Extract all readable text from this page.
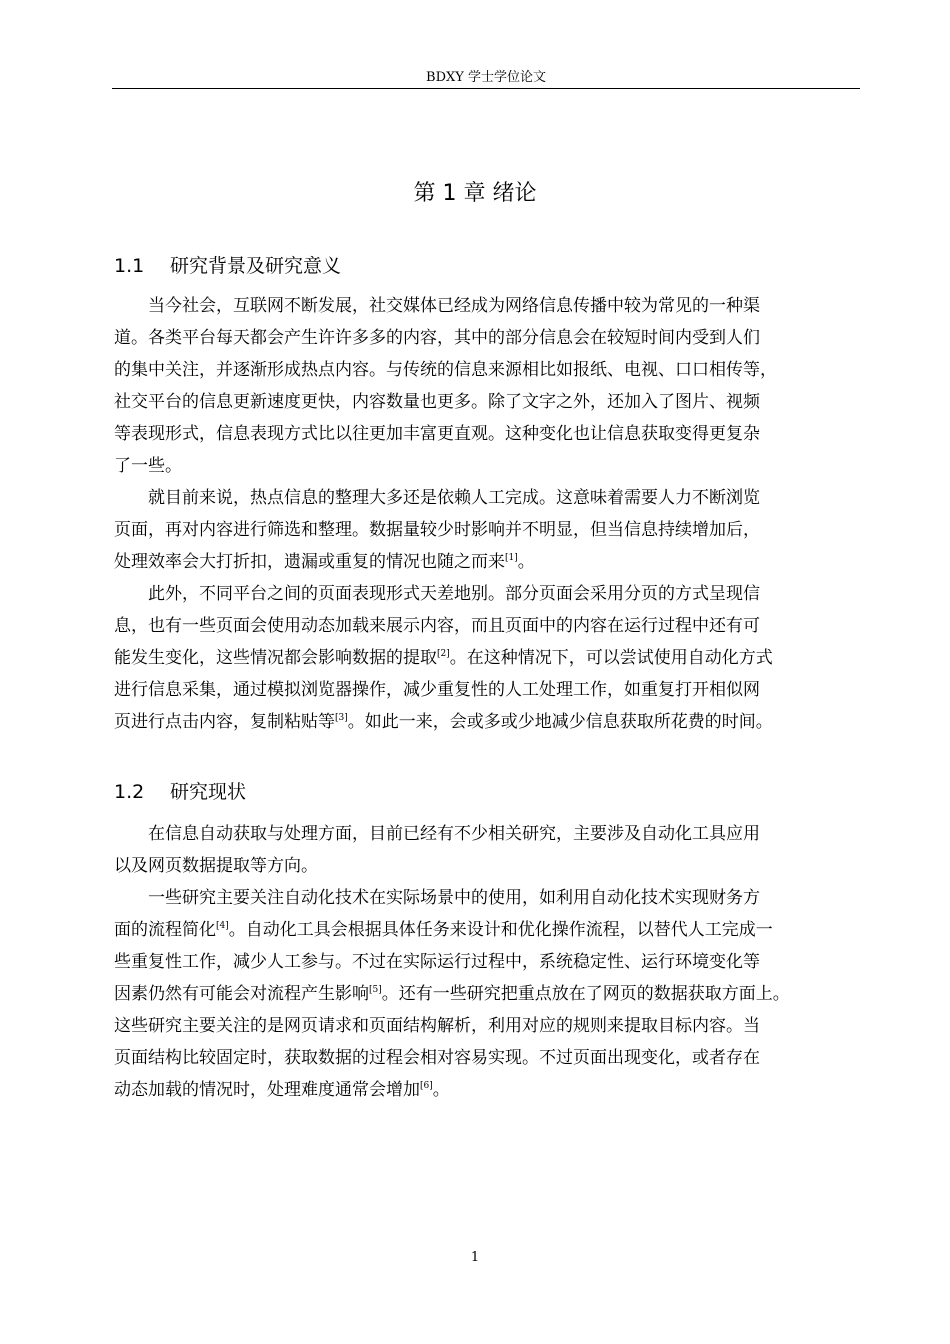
BDXY 学士学位论文
第 1 章 绪论
1.1 研究背景及研究意义
　　当今社会，互联网不断发展，社交媒体已经成为网络信息传播中较为常见的一种渠
道。各类平台每天都会产生许许多多的内容，其中的部分信息会在较短时间内受到人们
的集中关注，并逐渐形成热点内容。与传统的信息来源相比如报纸、电视、口口相传等，
社交平台的信息更新速度更快，内容数量也更多。除了文字之外，还加入了图片、视频
等表现形式，信息表现方式比以往更加丰富更直观。这种变化也让信息获取变得更复杂
了一些。
　　就目前来说，热点信息的整理大多还是依赖人工完成。这意味着需要人力不断浏览
页面，再对内容进行筛选和整理。数据量较少时影响并不明显，但当信息持续增加后，
处理效率会大打折扣，遗漏或重复的情况也随之而来[1]。
　　此外，不同平台之间的页面表现形式天差地别。部分页面会采用分页的方式呈现信
息，也有一些页面会使用动态加载来展示内容，而且页面中的内容在运行过程中还有可
能发生变化，这些情况都会影响数据的提取[2]。在这种情况下，可以尝试使用自动化方式
进行信息采集，通过模拟浏览器操作，减少重复性的人工处理工作，如重复打开相似网
页进行点击内容，复制粘贴等[3]。如此一来，会或多或少地减少信息获取所花费的时间。
1.2 研究现状
　　在信息自动获取与处理方面，目前已经有不少相关研究，主要涉及自动化工具应用
以及网页数据提取等方向。
　　一些研究主要关注自动化技术在实际场景中的使用，如利用自动化技术实现财务方
面的流程简化[4]。自动化工具会根据具体任务来设计和优化操作流程，以替代人工完成一
些重复性工作，减少人工参与。不过在实际运行过程中，系统稳定性、运行环境变化等
因素仍然有可能会对流程产生影响[5]。还有一些研究把重点放在了网页的数据获取方面上。
这些研究主要关注的是网页请求和页面结构解析，利用对应的规则来提取目标内容。当
页面结构比较固定时，获取数据的过程会相对容易实现。不过页面出现变化，或者存在
动态加载的情况时，处理难度通常会增加[6]。
1
